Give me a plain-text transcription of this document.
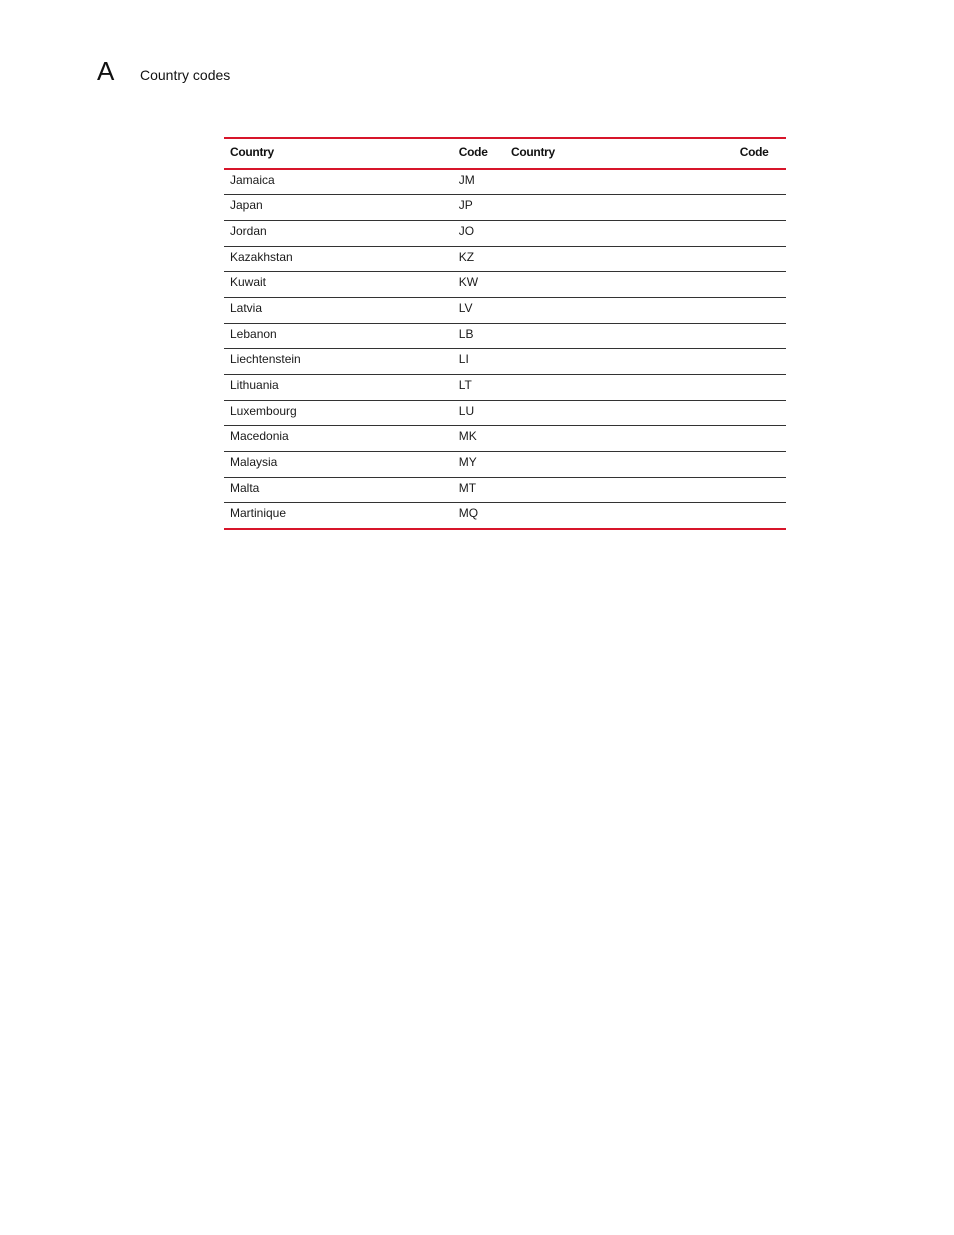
A Country codes
Country	Code	Country	Code
Jamaica	JM		
Japan	JP		
Jordan	JO		
Kazakhstan	KZ		
Kuwait	KW		
Latvia	LV		
Lebanon	LB		
Liechtenstein	LI		
Lithuania	LT		
Luxembourg	LU		
Macedonia	MK		
Malaysia	MY		
Malta	MT		
Martinique	MQ		
